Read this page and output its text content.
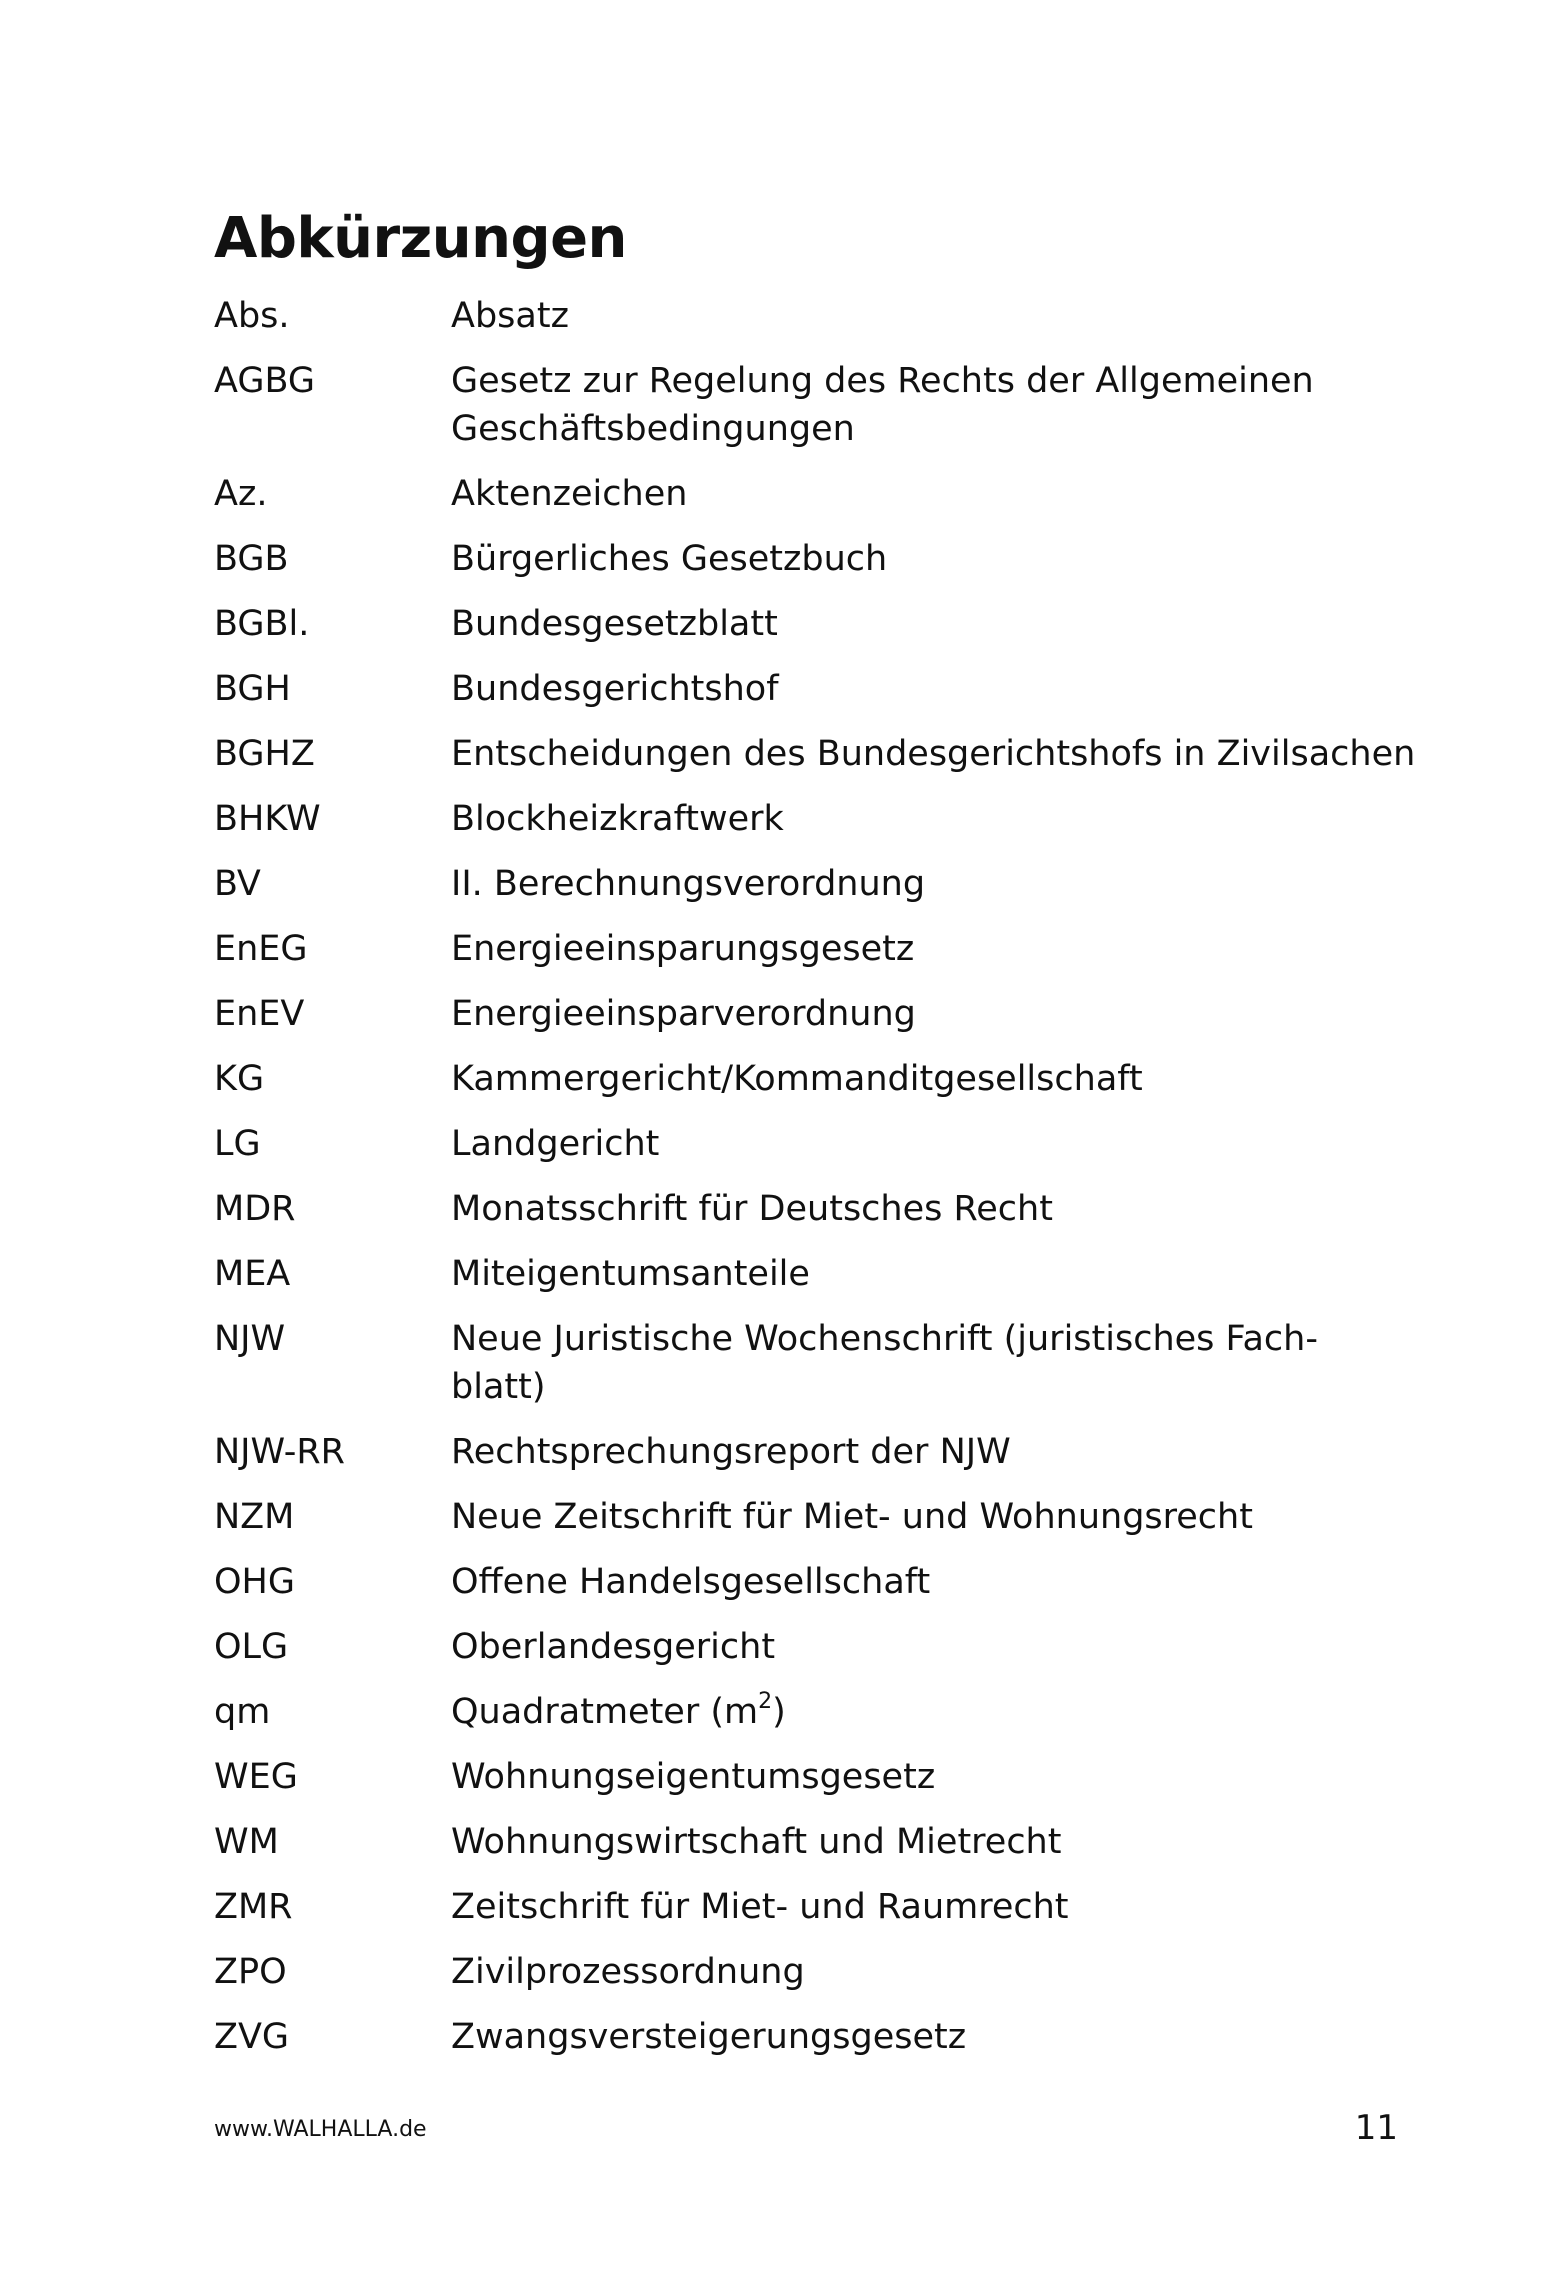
Abkürzungen
Abs.	Absatz
AGBG	Gesetz zur Regelung des Rechts der Allgemeinen
Geschäftsbedingungen
Az.	Aktenzeichen
BGB	Bürgerliches Gesetzbuch
BGBl.	Bundesgesetzblatt
BGH	Bundesgerichtshof
BGHZ	Entscheidungen des Bundesgerichtshofs in Zivilsachen
BHKW	Blockheizkraftwerk
BV	II. Berechnungsverordnung
EnEG	Energieeinsparungsgesetz
EnEV	Energieeinsparverordnung
KG	Kammergericht/Kommanditgesellschaft
LG	Landgericht
MDR	Monatsschrift für Deutsches Recht
MEA	Miteigentumsanteile
NJW	Neue Juristische Wochenschrift (juristisches Fach-
blatt)
NJW-RR	Rechtsprechungsreport der NJW
NZM	Neue Zeitschrift für Miet- und Wohnungsrecht
OHG	Offene Handelsgesellschaft
OLG	Oberlandesgericht
qm	Quadratmeter $(m^2)$
WEG	Wohnungseigentumsgesetz
WM	Wohnungswirtschaft und Mietrecht
ZMR	Zeitschrift für Miet- und Raumrecht
ZPO	Zivilprozessordnung
ZVG	Zwangsversteigerungsgesetz
www.WALHALLA.de	11
